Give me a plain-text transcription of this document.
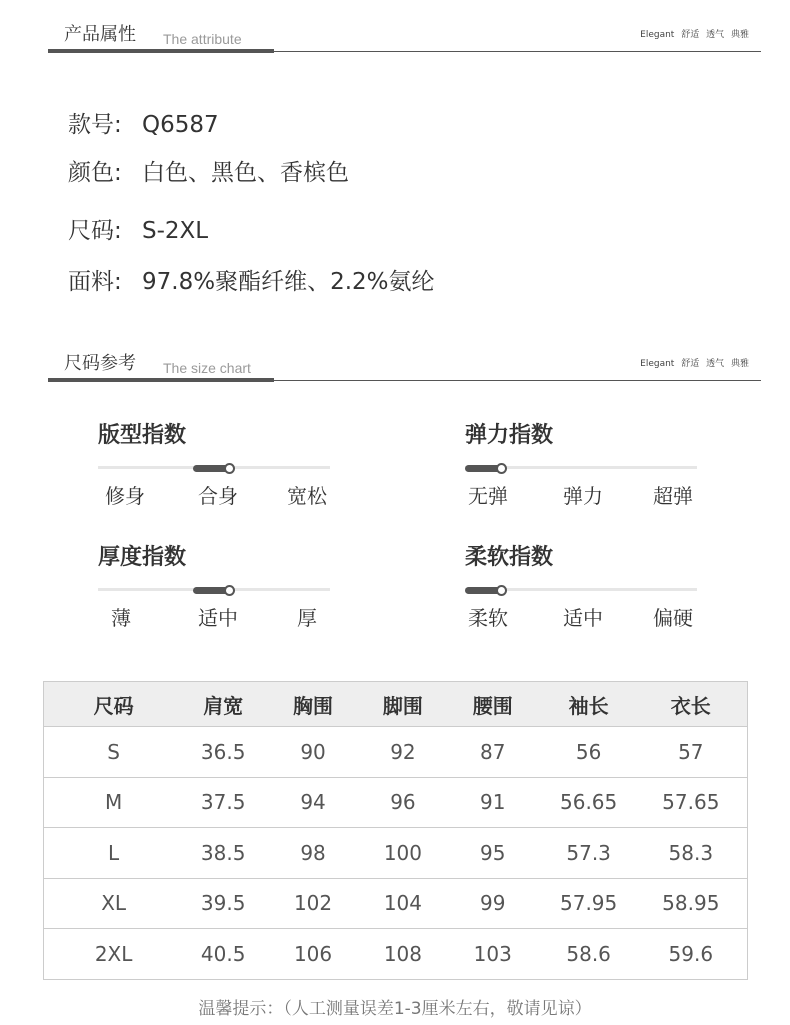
产品属性 The attribute	Elegant 舒适 透气 典雅
款号: Q6587
颜色: 白色、黑色、香槟色
尺码: S-2XL
面料: 97.8%聚酯纤维、2.2%氨纶
尺码参考 The size chart	Elegant 舒适 透气 典雅
版型指数
修身	合身	宽松
弹力指数
无弹	弹力	超弹
厚度指数
薄	适中	厚
柔软指数
柔软	适中	偏硬
尺码	肩宽	胸围	脚围	腰围	袖长	衣长
S	36.5	90	92	87	56	57
M	37.5	94	96	91	56.65	57.65
L	38.5	98	100	95	57.3	58.3
XL	39.5	102	104	99	57.95	58.95
2XL	40.5	106	108	103	58.6	59.6
温馨提示：（人工测量误差1-3厘米左右，敬请见谅）
